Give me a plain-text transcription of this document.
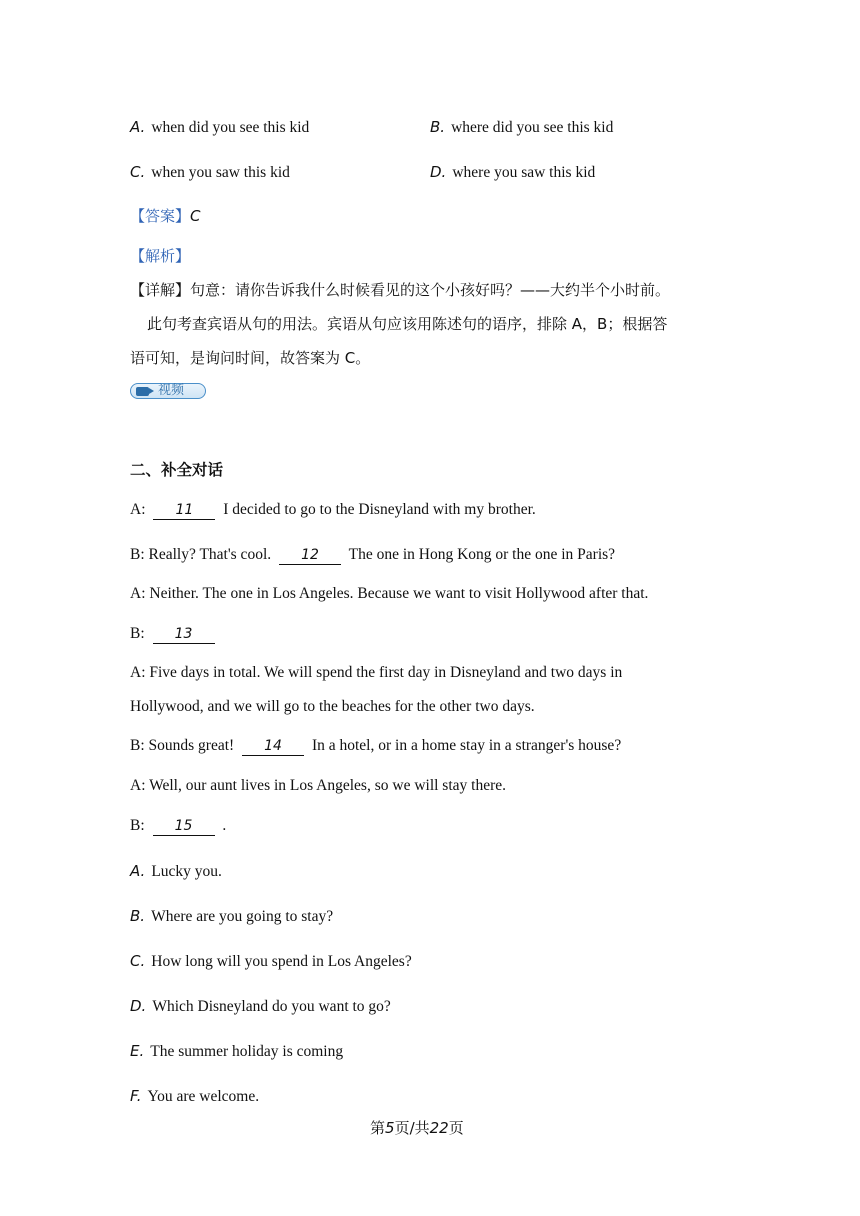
A. when did you see this kid	B. where did you see this kid
C. when you saw this kid	D. where you saw this kid
【答案】C
【解析】
【详解】句意：请你告诉我什么时候看见的这个小孩好吗？——大约半个小时前。
此句考查宾语从句的用法。宾语从句应该用陈述句的语序，排除 A，B；根据答
语可知，是询问时间，故答案为 C。
视频
二、补全对话
A: 11 I decided to go to the Disneyland with my brother.
B: Really? That's cool. 12 The one in Hong Kong or the one in Paris?
A: Neither. The one in Los Angeles. Because we want to visit Hollywood after that.
B: 13
A: Five days in total. We will spend the first day in Disneyland and two days in
Hollywood, and we will go to the beaches for the other two days.
B: Sounds great! 14 In a hotel, or in a home stay in a stranger's house?
A: Well, our aunt lives in Los Angeles, so we will stay there.
B: 15 .
A. Lucky you.
B. Where are you going to stay?
C. How long will you spend in Los Angeles?
D. Which Disneyland do you want to go?
E. The summer holiday is coming
F. You are welcome.
第5页/共22页
